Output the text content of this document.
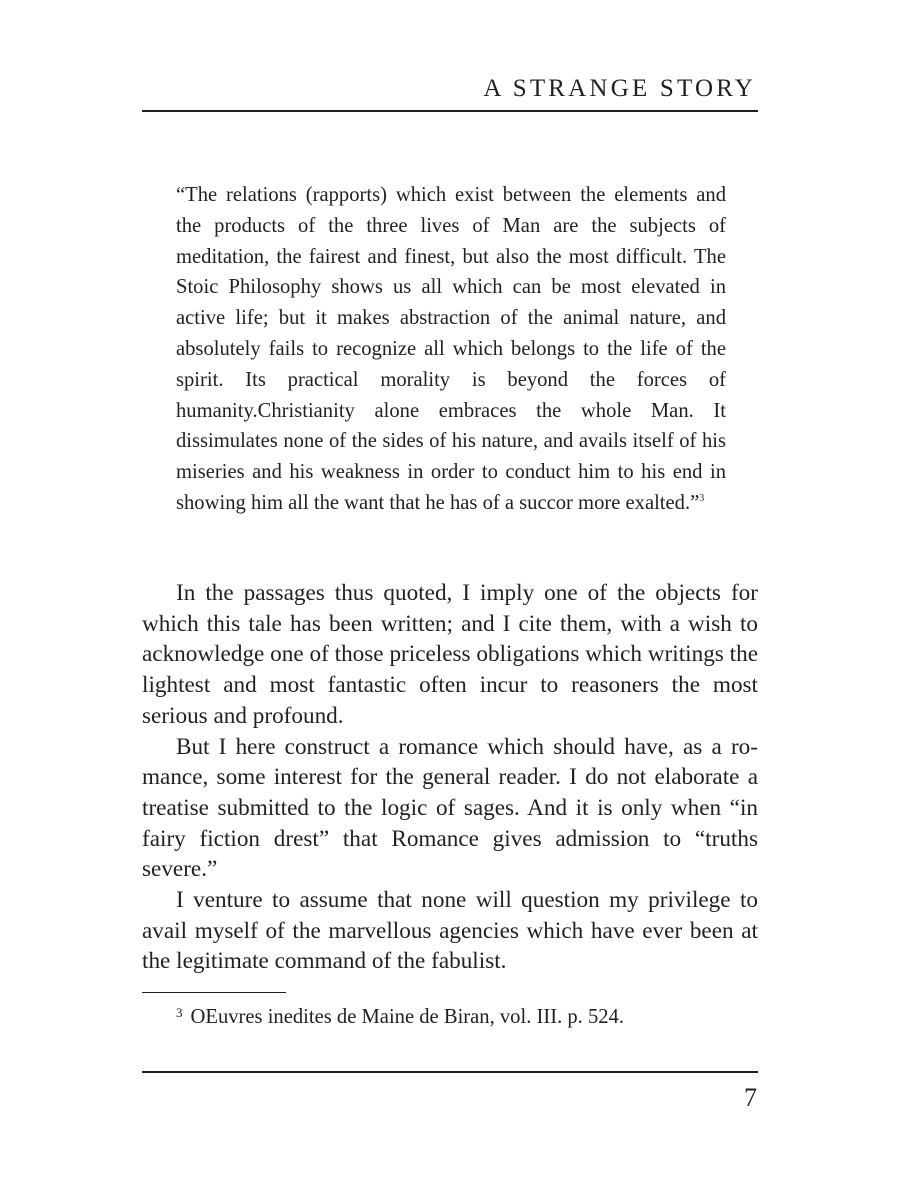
A STRANGE STORY
“The relations (rapports) which exist between the elements and the products of the three lives of Man are the subjects of meditation, the fairest and finest, but also the most difficult. The Stoic Philosophy shows us all which can be most elevated in active life; but it makes abstraction of the animal nature, and absolutely fails to recognize all which belongs to the life of the spirit. Its practical morality is beyond the forces of humanity.Christianity alone embraces the whole Man. It dissimulates none of the sides of his nature, and avails itself of his miseries and his weakness in order to conduct him to his end in showing him all the want that he has of a succor more exalted.”$^3$

In the passages thus quoted, I imply one of the objects for which this tale has been written; and I cite them, with a wish to acknowledge one of those priceless obligations which writings the lightest and most fantastic often incur to reasoners the most serious and profound.

But I here construct a romance which should have, as a romance, some interest for the general reader. I do not elaborate a treatise submitted to the logic of sages. And it is only when “in fairy fiction drest” that Romance gives admission to “truths severe.”

I venture to assume that none will question my privilege to avail myself of the marvellous agencies which have ever been at the legitimate command of the fabulist.

$^3$ OEuvres inedites de Maine de Biran, vol. III. p. 524.
7
